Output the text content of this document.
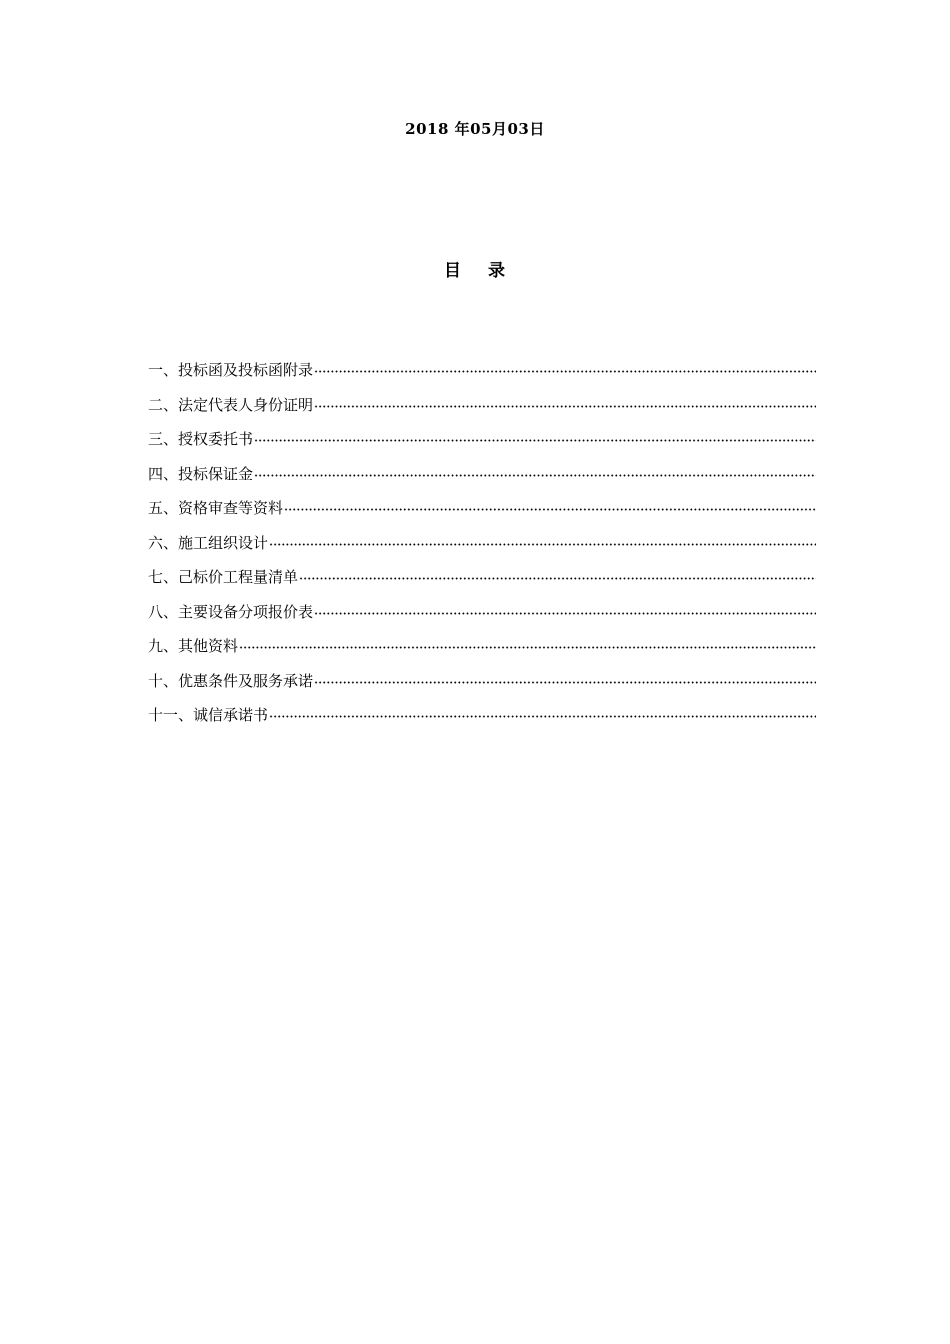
2018 年05月03日
目 录
一、投标函及投标函附录
二、法定代表人身份证明
三、授权委托书
四、投标保证金
五、资格审查等资料
六、施工组织设计
七、己标价工程量清单
八、主要设备分项报价表
九、其他资料
十、优惠条件及服务承诺
十一、诚信承诺书
